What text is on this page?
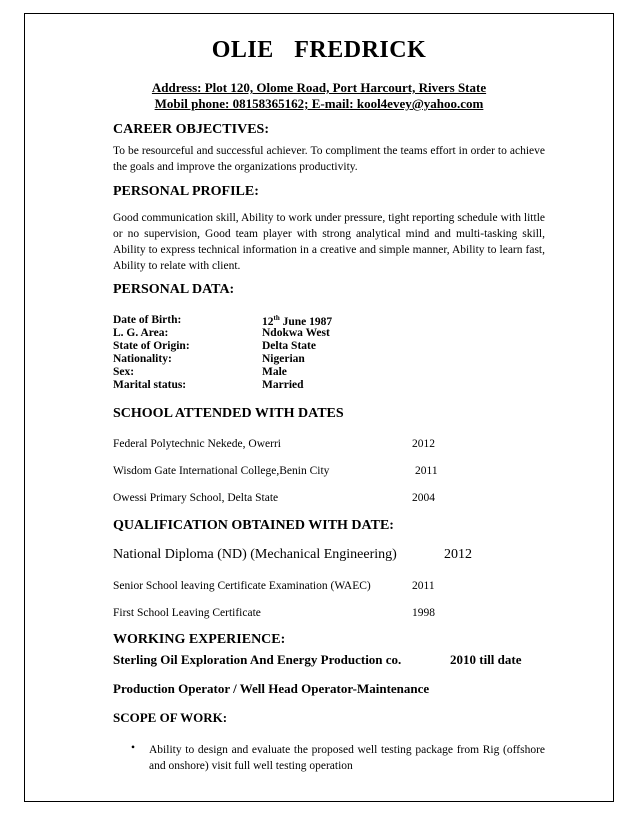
OLIE FREDRICK
Address: Plot 120, Olome Road, Port Harcourt, Rivers State
Mobil phone: 08158365162; E-mail: kool4evey@yahoo.com
CAREER OBJECTIVES:
To be resourceful and successful achiever. To compliment the teams effort in order to achieve the goals and improve the organizations productivity.
PERSONAL PROFILE:
Good communication skill, Ability to work under pressure, tight reporting schedule with little or no supervision, Good team player with strong analytical mind and multi-tasking skill, Ability to express technical information in a creative and simple manner, Ability to learn fast, Ability to relate with client.
PERSONAL DATA:
Date of Birth:	12th June 1987
L. G. Area:	Ndokwa West
State of Origin:	Delta State
Nationality:	Nigerian
Sex:	Male
Marital status:	Married
SCHOOL ATTENDED WITH DATES
Federal Polytechnic Nekede, Owerri	2012
Wisdom Gate International College,Benin City	2011
Owessi Primary School, Delta State	2004
QUALIFICATION OBTAINED WITH DATE:
National Diploma (ND) (Mechanical Engineering)	2012
Senior School leaving Certificate Examination (WAEC)	2011
First School Leaving Certificate	1998
WORKING EXPERIENCE:
Sterling Oil Exploration And Energy Production co.	2010 till date
Production Operator / Well Head Operator-Maintenance
SCOPE OF WORK:
• Ability to design and evaluate the proposed well testing package from Rig (offshore and onshore) visit full well testing operation
